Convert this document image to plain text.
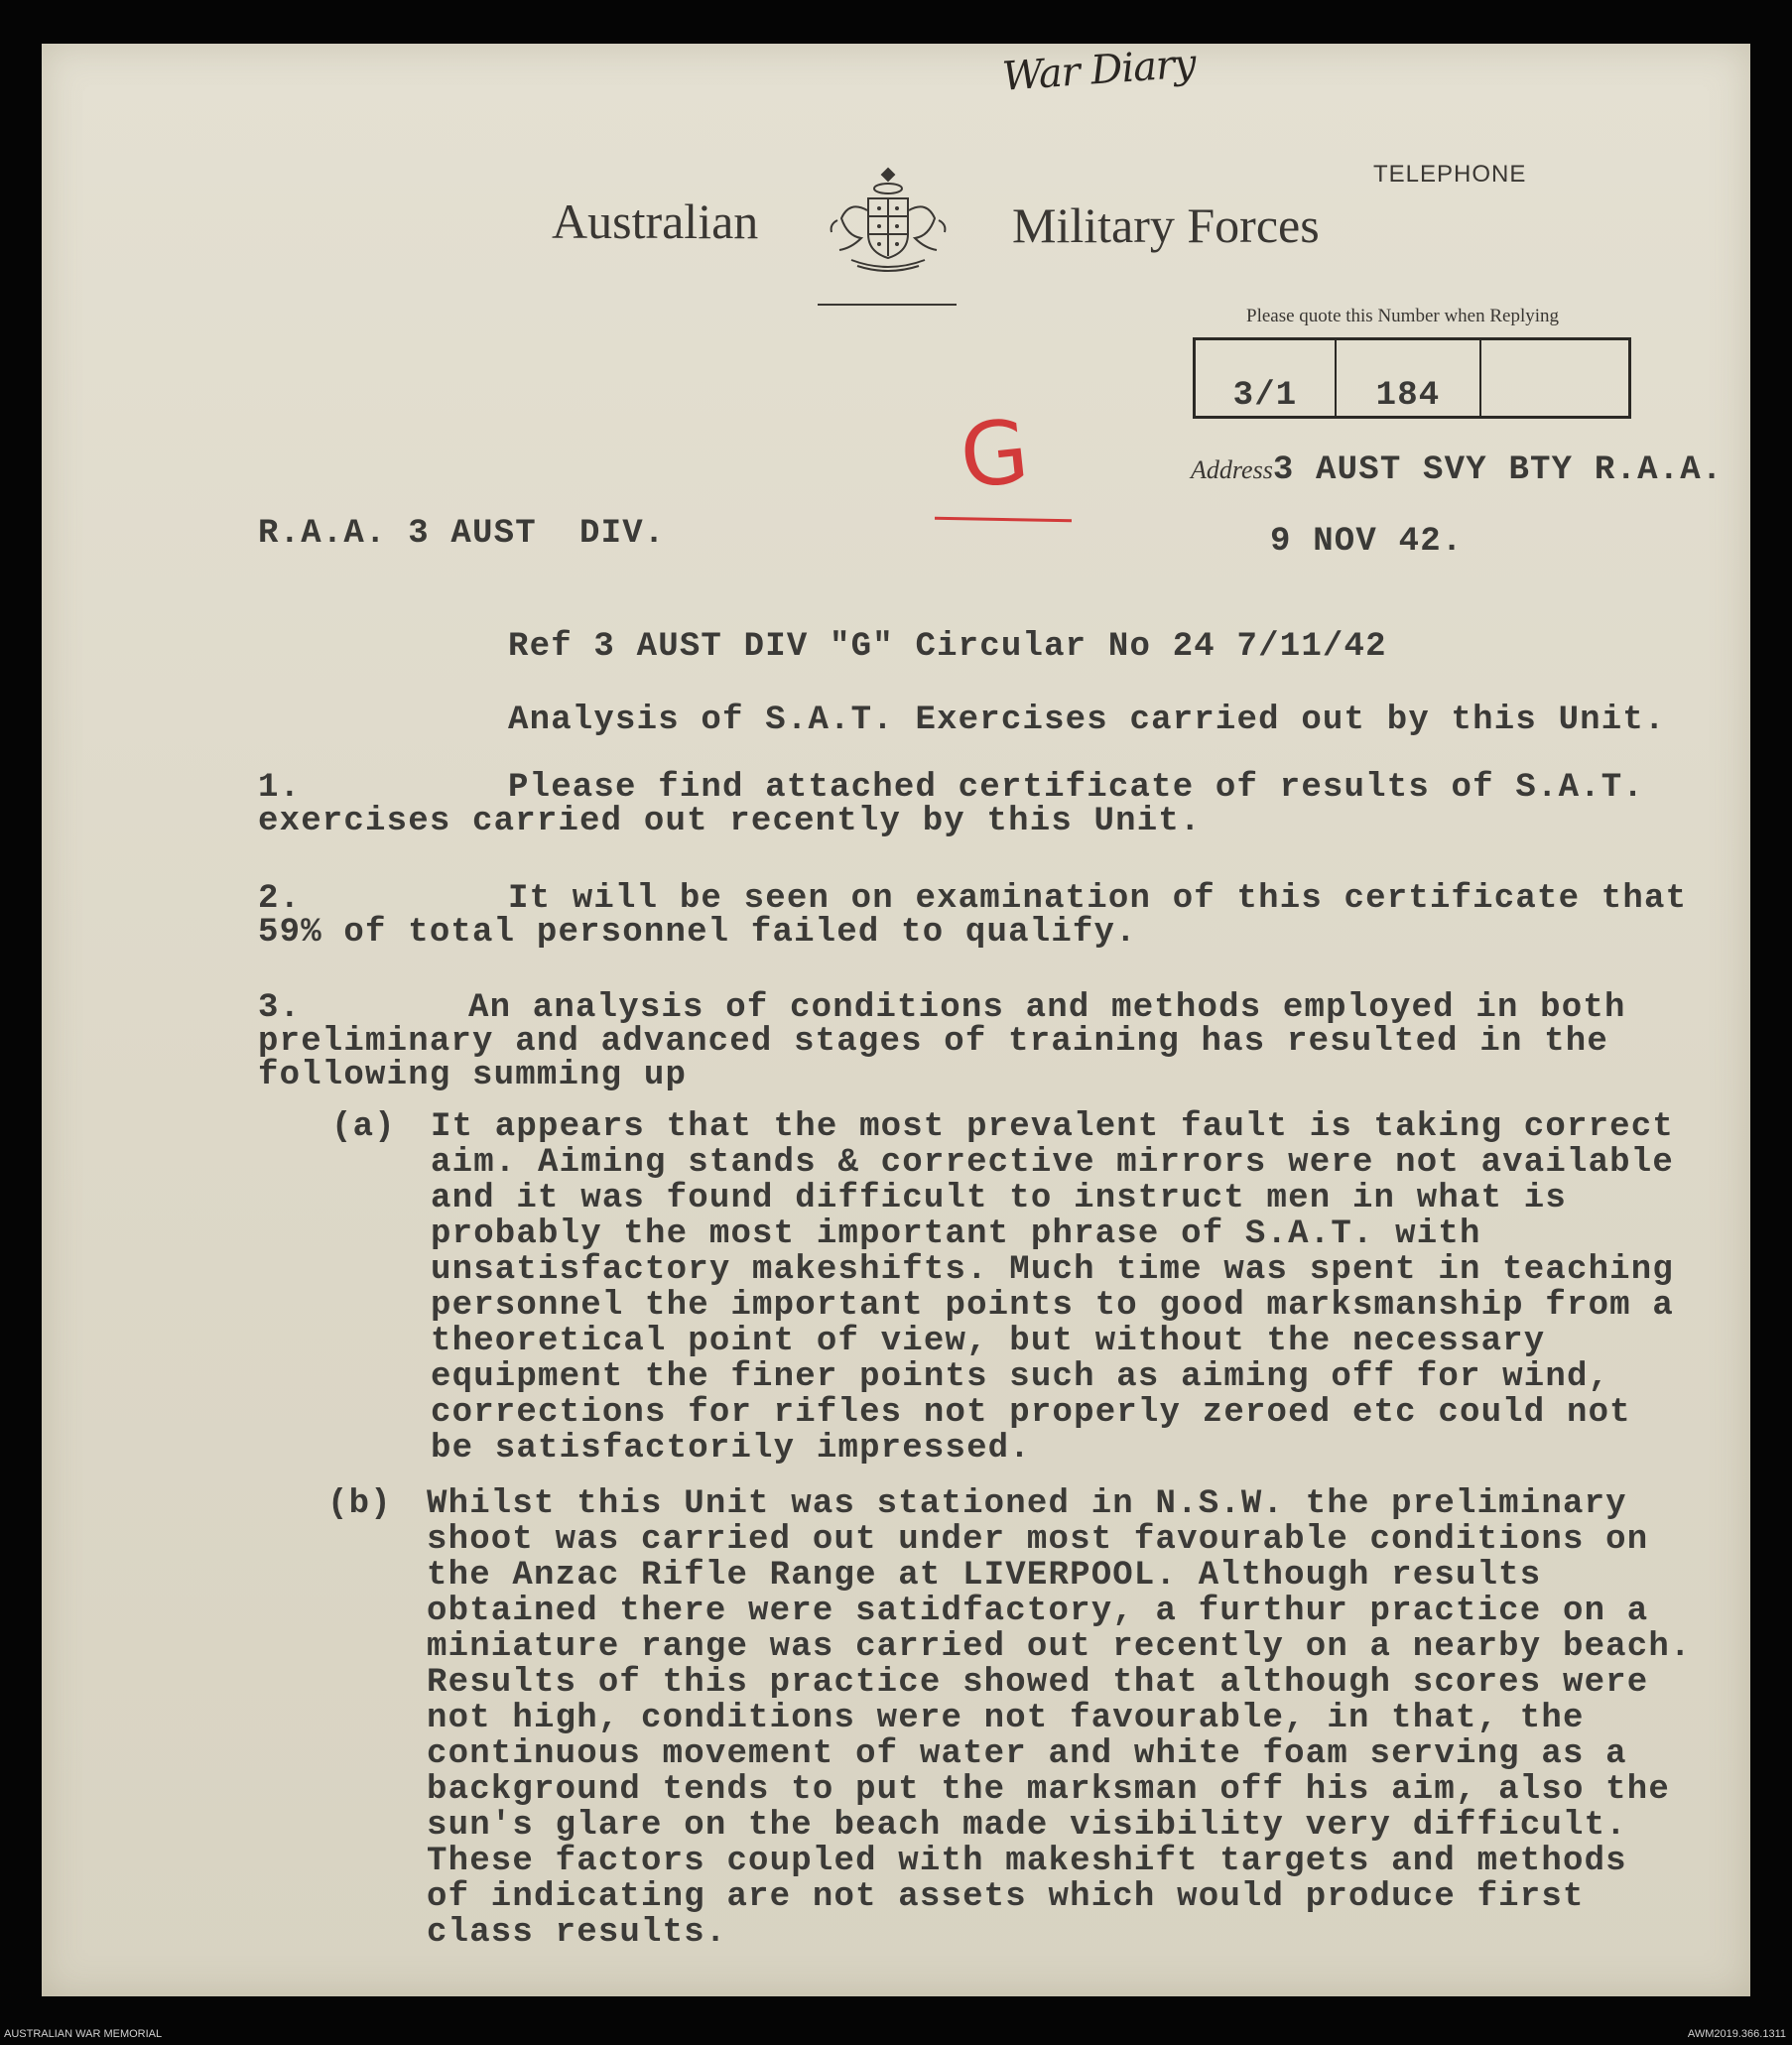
War Diary
Australian	Military Forces
TELEPHONE
Please quote this Number when Replying
3/1	184
G	Address 3 AUST SVY BTY R.A.A.
R.A.A. 3 AUST  DIV.	9 NOV 42.
Ref 3 AUST DIV "G" Circular No 24 7/11/42
Analysis of S.A.T. Exercises carried out by this Unit.
1.	Please find attached certificate of results of S.A.T.
exercises carried out recently by this Unit.
2.	It will be seen on examination of this certificate that
59% of total personnel failed to qualify.
3.	An analysis of conditions and methods employed in both
preliminary and advanced stages of training has resulted in the
following summing up
(a) It appears that the most prevalent fault is taking correct
aim. Aiming stands & corrective mirrors were not available
and it was found difficult to instruct men in what is
probably the most important phrase of S.A.T. with
unsatisfactory makeshifts. Much time was spent in teaching
personnel the important points to good marksmanship from a
theoretical point of view, but without the necessary
equipment the finer points such as aiming off for wind,
corrections for rifles not properly zeroed etc could not
be satisfactorily impressed.
(b) Whilst this Unit was stationed in N.S.W. the preliminary
shoot was carried out under most favourable conditions on
the Anzac Rifle Range at LIVERPOOL. Although results
obtained there were satidfactory, a furthur practice on a
miniature range was carried out recently on a nearby beach.
Results of this practice showed that although scores were
not high, conditions were not favourable, in that, the
continuous movement of water and white foam serving as a
background tends to put the marksman off his aim, also the
sun's glare on the beach made visibility very difficult.
These factors coupled with makeshift targets and methods
of indicating are not assets which would produce first
class results.
AUSTRALIAN WAR MEMORIAL	AWM2019.366.1311
